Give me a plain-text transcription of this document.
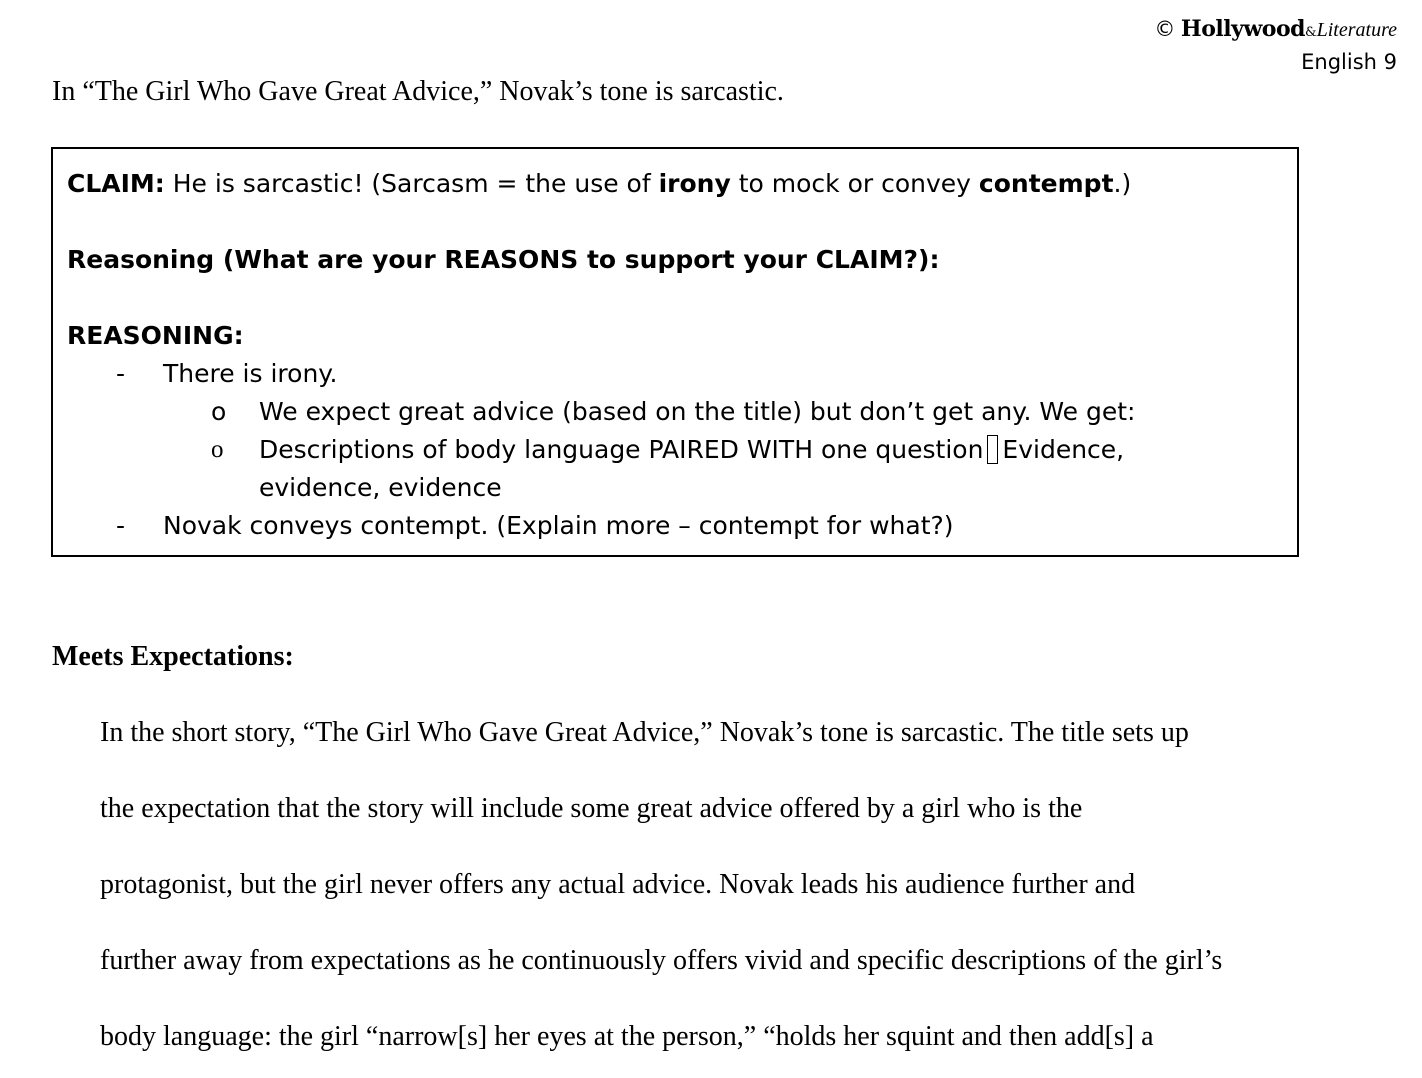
© Hollywood&Literature
English 9
In “The Girl Who Gave Great Advice,” Novak’s tone is sarcastic.
CLAIM: He is sarcastic! (Sarcasm = the use of irony to mock or convey contempt.)
Reasoning (What are your REASONS to support your CLAIM?):
REASONING:
- There is irony.
o We expect great advice (based on the title) but don’t get any. We get:
o Descriptions of body language PAIRED WITH one question Evidence,
evidence, evidence
- Novak conveys contempt. (Explain more – contempt for what?)
Meets Expectations:
In the short story, “The Girl Who Gave Great Advice,” Novak’s tone is sarcastic. The title sets up
the expectation that the story will include some great advice offered by a girl who is the
protagonist, but the girl never offers any actual advice. Novak leads his audience further and
further away from expectations as he continuously offers vivid and specific descriptions of the girl’s
body language: the girl “narrow[s] her eyes at the person,” “holds her squint and then add[s] a
